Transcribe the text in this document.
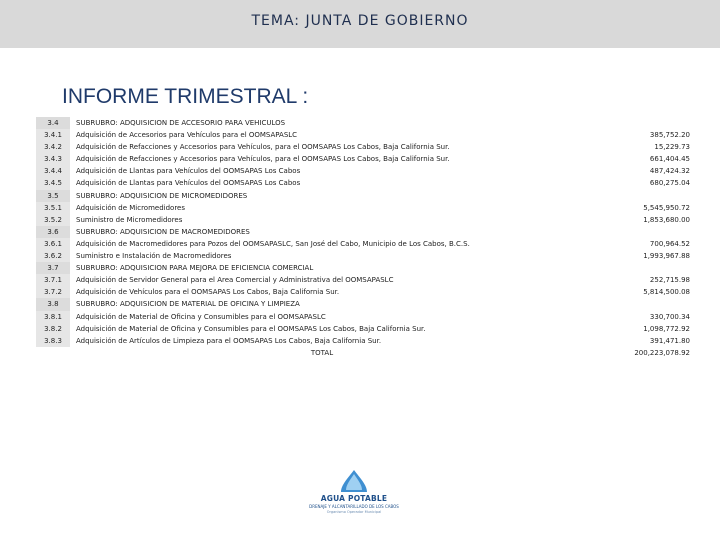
TEMA: JUNTA DE GOBIERNO
INFORME TRIMESTRAL :
3.4	SUBRUBRO: ADQUISICION DE ACCESORIO PARA VEHICULOS
3.4.1	Adquisición de Accesorios para Vehículos para el OOMSAPASLC	385,752.20
3.4.2	Adquisición de Refacciones y Accesorios para Vehículos, para el OOMSAPAS Los Cabos, Baja California Sur.	15,229.73
3.4.3	Adquisición de Refacciones y Accesorios para Vehículos, para el OOMSAPAS Los Cabos, Baja California Sur.	661,404.45
3.4.4	Adquisición de Llantas para Vehículos del OOMSAPAS Los Cabos	487,424.32
3.4.5	Adquisición de Llantas para Vehículos del OOMSAPAS Los Cabos	680,275.04
3.5	SUBRUBRO: ADQUISICION DE MICROMEDIDORES
3.5.1	Adquisición de Micromedidores	5,545,950.72
3.5.2	Suministro de Micromedidores	1,853,680.00
3.6	SUBRUBRO: ADQUISICION DE MACROMEDIDORES
3.6.1	Adquisición de Macromedidores para Pozos del OOMSAPASLC, San José del Cabo, Municipio de Los Cabos, B.C.S.	700,964.52
3.6.2	Suministro e Instalación de Macromedidores	1,993,967.88
3.7	SUBRUBRO: ADQUISICION PARA MEJORA DE EFICIENCIA COMERCIAL
3.7.1	Adquisición de Servidor General para el Area Comercial y Administrativa del OOMSAPASLC	252,715.98
3.7.2	Adquisición de Vehículos para el OOMSAPAS Los Cabos, Baja California Sur.	5,814,500.08
3.8	SUBRUBRO: ADQUISICION DE MATERIAL DE OFICINA Y LIMPIEZA
3.8.1	Adquisición de Material de Oficina y Consumibles para el OOMSAPASLC	330,700.34
3.8.2	Adquisición de Material de Oficina y Consumibles para el OOMSAPAS Los Cabos, Baja California Sur.	1,098,772.92
3.8.3	Adquisición de Artículos de Limpieza para el OOMSAPAS Los Cabos, Baja California Sur.	391,471.80
TOTAL	200,223,078.92
AGUA POTABLE
DRENAJE Y ALCANTARILLADO DE LOS CABOS
Organismo Operador Municipal
